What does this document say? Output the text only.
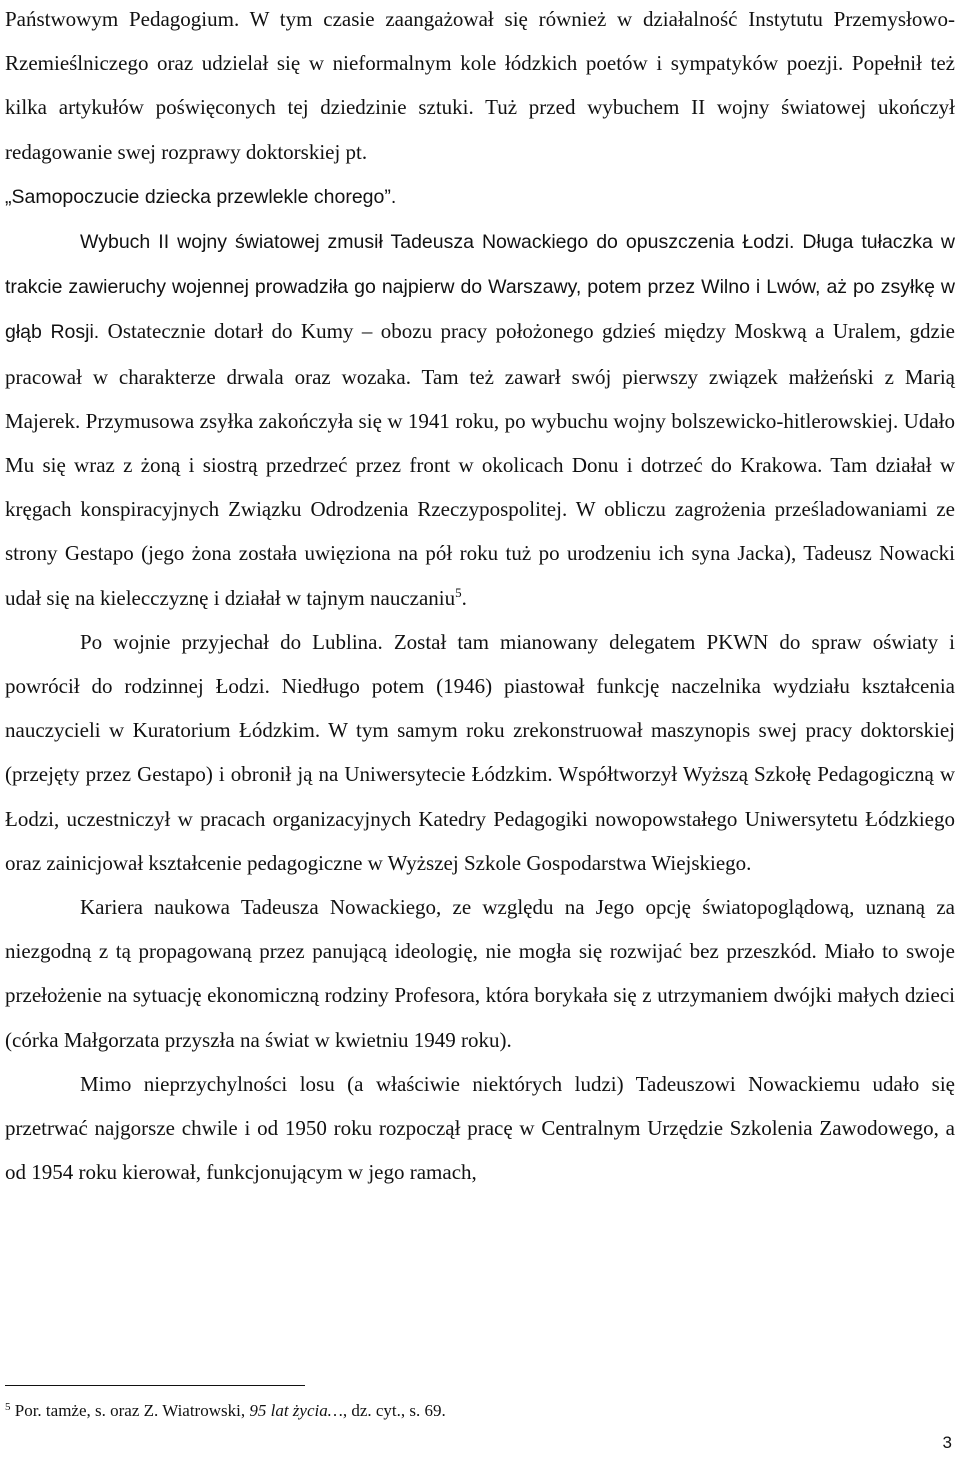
Państwowym Pedagogium. W tym czasie zaangażował się również w działalność Instytutu Przemysłowo-Rzemieślniczego oraz udzielał się w nieformalnym kole łódzkich poetów i sympatyków poezji. Popełnił też kilka artykułów poświęconych tej dziedzinie sztuki. Tuż przed wybuchem II wojny światowej ukończył redagowanie swej rozprawy doktorskiej pt.
„Samopoczucie dziecka przewlekle chorego”.

Wybuch II wojny światowej zmusił Tadeusza Nowackiego do opuszczenia Łodzi. Długa tułaczka w trakcie zawieruchy wojennej prowadziła go najpierw do Warszawy, potem przez Wilno i Lwów, aż po zsyłkę w głąb Rosji. Ostatecznie dotarł do Kumy – obozu pracy położonego gdzieś między Moskwą a Uralem, gdzie pracował w charakterze drwala oraz wozaka. Tam też zawarł swój pierwszy związek małżeński z Marią Majerek. Przymusowa zsyłka zakończyła się w 1941 roku, po wybuchu wojny bolszewicko-hitlerowskiej. Udało Mu się wraz z żoną i siostrą przedrzeć przez front w okolicach Donu i dotrzeć do Krakowa. Tam działał w kręgach konspiracyjnych Związku Odrodzenia Rzeczypospolitej. W obliczu zagrożenia prześladowaniami ze strony Gestapo (jego żona została uwięziona na pół roku tuż po urodzeniu ich syna Jacka), Tadeusz Nowacki udał się na kielecczyznę i działał w tajnym nauczaniu$^5$.

Po wojnie przyjechał do Lublina. Został tam mianowany delegatem PKWN do spraw oświaty i powrócił do rodzinnej Łodzi. Niedługo potem (1946) piastował funkcję naczelnika wydziału kształcenia nauczycieli w Kuratorium Łódzkim. W tym samym roku zrekonstruował maszynopis swej pracy doktorskiej (przejęty przez Gestapo) i obronił ją na Uniwersytecie Łódzkim. Współtworzył Wyższą Szkołę Pedagogiczną w Łodzi, uczestniczył w pracach organizacyjnych Katedry Pedagogiki nowopowstałego Uniwersytetu Łódzkiego oraz zainicjował kształcenie pedagogiczne w Wyższej Szkole Gospodarstwa Wiejskiego.

Kariera naukowa Tadeusza Nowackiego, ze względu na Jego opcję światopoglądową, uznaną za niezgodną z tą propagowaną przez panującą ideologię, nie mogła się rozwijać bez przeszkód. Miało to swoje przełożenie na sytuację ekonomiczną rodziny Profesora, która borykała się z utrzymaniem dwójki małych dzieci (córka Małgorzata przyszła na świat w kwietniu 1949 roku).

Mimo nieprzychylności losu (a właściwie niektórych ludzi) Tadeuszowi Nowackiemu udało się przetrwać najgorsze chwile i od 1950 roku rozpoczął pracę w Centralnym Urzędzie Szkolenia Zawodowego, a od 1954 roku kierował, funkcjonującym w jego ramach,

$^5$ Por. tamże, s. oraz Z. Wiatrowski, 95 lat życia…, dz. cyt., s. 69.
3
